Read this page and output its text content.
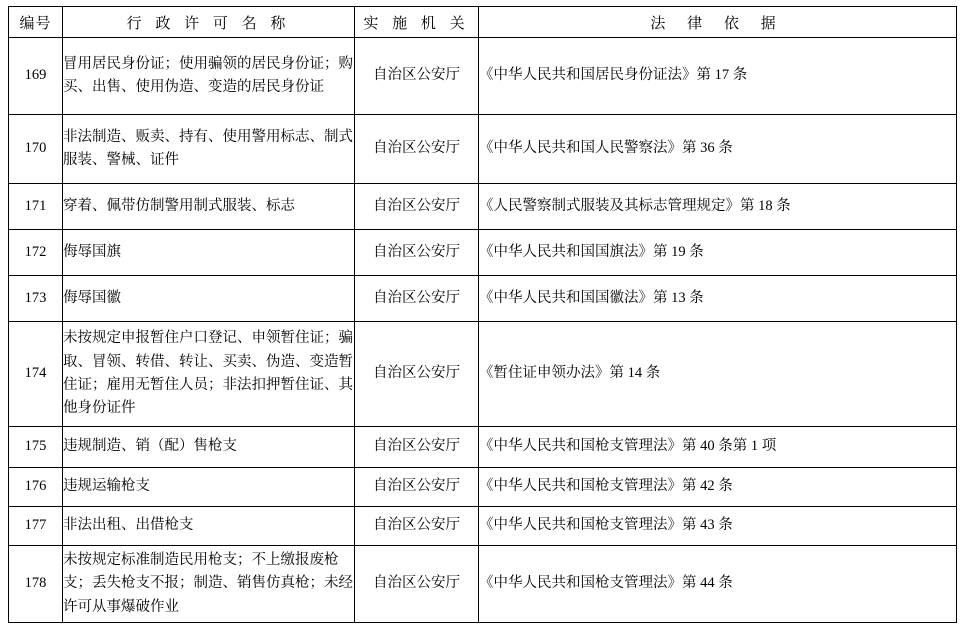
编号	行 政 许 可 名 称	实 施 机 关	法 律 依 据
169	冒用居民身份证；使用骗领的居民身份证；购买、出售、使用伪造、变造的居民身份证	自治区公安厅	《中华人民共和国居民身份证法》第 17 条
170	非法制造、贩卖、持有、使用警用标志、制式服装、警械、证件	自治区公安厅	《中华人民共和国人民警察法》第 36 条
171	穿着、佩带仿制警用制式服装、标志	自治区公安厅	《人民警察制式服装及其标志管理规定》第 18 条
172	侮辱国旗	自治区公安厅	《中华人民共和国国旗法》第 19 条
173	侮辱国徽	自治区公安厅	《中华人民共和国国徽法》第 13 条
174	未按规定申报暂住户口登记、申领暂住证；骗取、冒领、转借、转让、买卖、伪造、变造暂住证；雇用无暂住人员；非法扣押暂住证、其他身份证件	自治区公安厅	《暂住证申领办法》第 14 条
175	违规制造、销（配）售枪支	自治区公安厅	《中华人民共和国枪支管理法》第 40 条第 1 项
176	违规运输枪支	自治区公安厅	《中华人民共和国枪支管理法》第 42 条
177	非法出租、出借枪支	自治区公安厅	《中华人民共和国枪支管理法》第 43 条
178	未按规定标准制造民用枪支；不上缴报废枪支；丢失枪支不报；制造、销售仿真枪；未经许可从事爆破作业	自治区公安厅	《中华人民共和国枪支管理法》第 44 条
